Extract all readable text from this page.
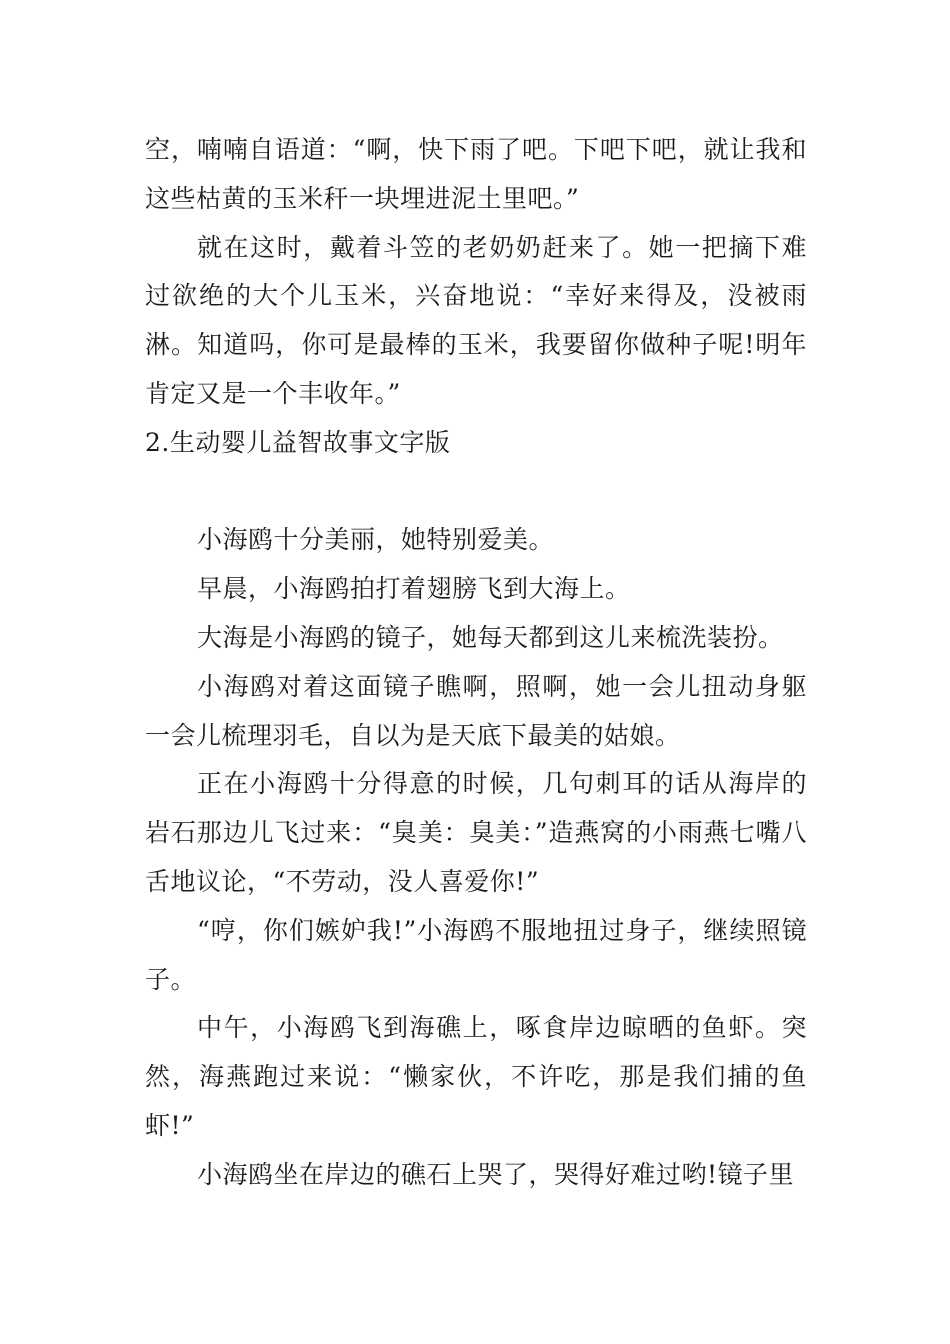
空，喃喃自语道：“啊，快下雨了吧。下吧下吧，就让我和这些枯黄的玉米秆一块埋进泥土里吧。”

就在这时，戴着斗笠的老奶奶赶来了。她一把摘下难过欲绝的大个儿玉米，兴奋地说：“幸好来得及，没被雨淋。知道吗，你可是最棒的玉米，我要留你做种子呢!明年肯定又是一个丰收年。”

2.生动婴儿益智故事文字版

小海鸥十分美丽，她特别爱美。

早晨，小海鸥拍打着翅膀飞到大海上。

大海是小海鸥的镜子，她每天都到这儿来梳洗装扮。

小海鸥对着这面镜子瞧啊，照啊，她一会儿扭动身躯一会儿梳理羽毛，自以为是天底下最美的姑娘。

正在小海鸥十分得意的时候，几句刺耳的话从海岸的岩石那边儿飞过来：“臭美：臭美：”造燕窝的小雨燕七嘴八舌地议论，“不劳动，没人喜爱你!”

“哼，你们嫉妒我!”小海鸥不服地扭过身子，继续照镜子。

中午，小海鸥飞到海礁上，啄食岸边晾晒的鱼虾。突然，海燕跑过来说：“懒家伙，不许吃，那是我们捕的鱼虾!”

小海鸥坐在岸边的礁石上哭了，哭得好难过哟!镜子里
